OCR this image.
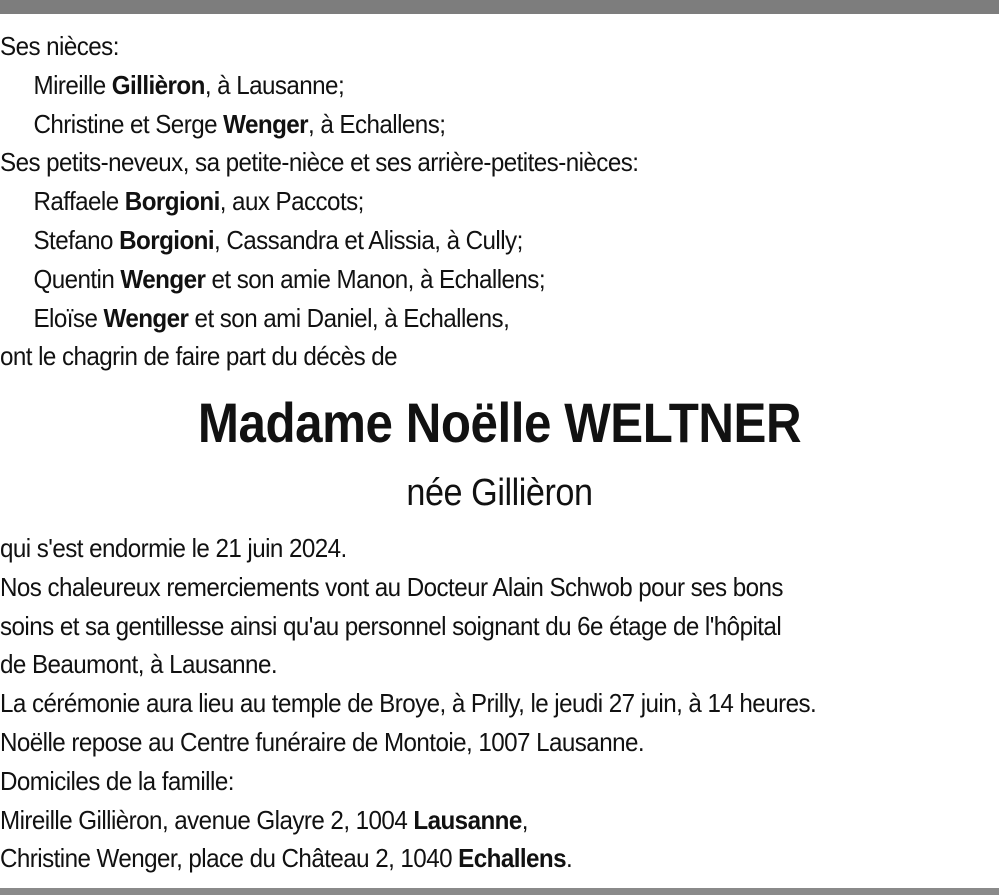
Ses nièces:
Mireille Gillièron, à Lausanne;
Christine et Serge Wenger, à Echallens;
Ses petits-neveux, sa petite-nièce et ses arrière-petites-nièces:
Raffaele Borgioni, aux Paccots;
Stefano Borgioni, Cassandra et Alissia, à Cully;
Quentin Wenger et son amie Manon, à Echallens;
Eloïse Wenger et son ami Daniel, à Echallens,
ont le chagrin de faire part du décès de
Madame Noëlle WELTNER
née Gillièron
qui s'est endormie le 21 juin 2024.
Nos chaleureux remerciements vont au Docteur Alain Schwob pour ses bons
soins et sa gentillesse ainsi qu'au personnel soignant du 6e étage de l'hôpital
de Beaumont, à Lausanne.
La cérémonie aura lieu au temple de Broye, à Prilly, le jeudi 27 juin, à 14 heures.
Noëlle repose au Centre funéraire de Montoie, 1007 Lausanne.
Domiciles de la famille:
Mireille Gillièron, avenue Glayre 2, 1004 Lausanne,
Christine Wenger, place du Château 2, 1040 Echallens.
